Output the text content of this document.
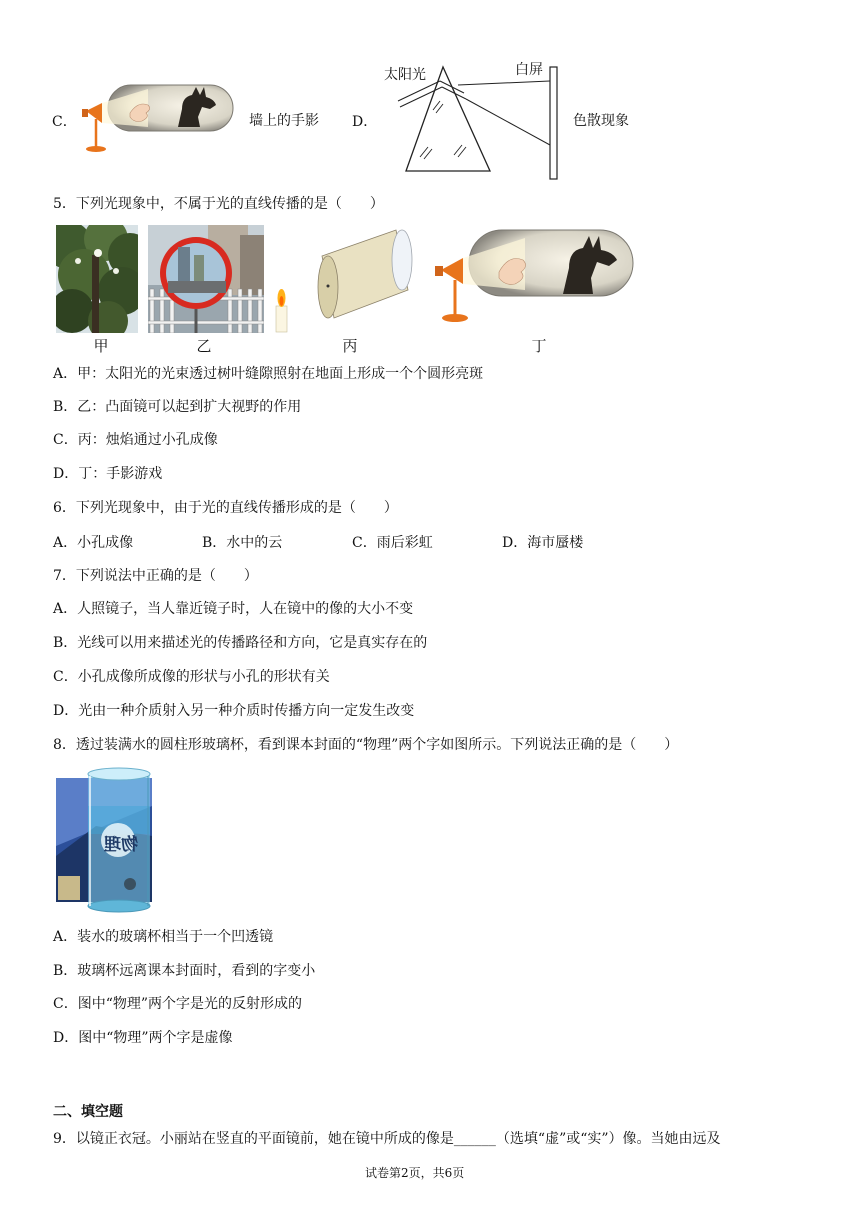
C．	墙上的手影 D．
太阳光	白屏
色散现象
5．下列光现象中，不属于光的直线传播的是（　　）
甲	乙	丙	丁
A．甲：太阳光的光束透过树叶缝隙照射在地面上形成一个个圆形亮斑
B．乙：凸面镜可以起到扩大视野的作用
C．丙：烛焰通过小孔成像
D．丁：手影游戏
6．下列光现象中，由于光的直线传播形成的是（　　）
A．小孔成像	B．水中的云	C．雨后彩虹	D．海市蜃楼
7．下列说法中正确的是（　　）
A．人照镜子，当人靠近镜子时，人在镜中的像的大小不变
B．光线可以用来描述光的传播路径和方向，它是真实存在的
C．小孔成像所成像的形状与小孔的形状有关
D．光由一种介质射入另一种介质时传播方向一定发生改变
8．透过装满水的圆柱形玻璃杯，看到课本封面的“物理”两个字如图所示。下列说法正确的是（　　）
物理
A．装水的玻璃杯相当于一个凹透镜
B．玻璃杯远离课本封面时，看到的字变小
C．图中“物理”两个字是光的反射形成的
D．图中“物理”两个字是虚像
二、填空题
9．以镜正衣冠。小丽站在竖直的平面镜前，她在镜中所成的像是______（选填“虚”或“实”）像。当她由远及
试卷第2页，共6页
